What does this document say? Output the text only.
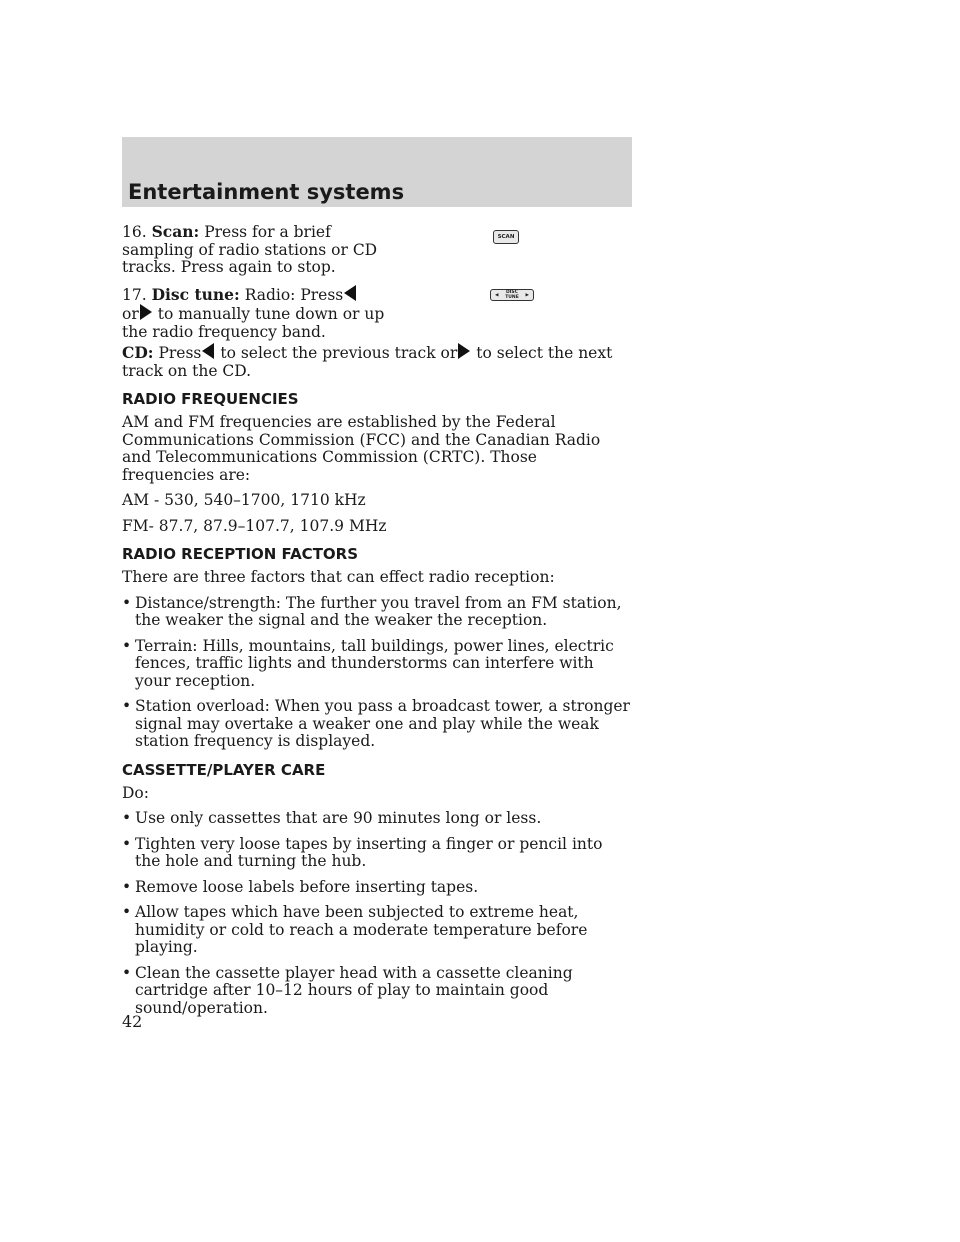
Entertainment systems
SCAN
◀ DISC
TUNE ▶

16. Scan: Press for a brief sampling of radio stations or CD tracks. Press again to stop.

17. Disc tune: Radio: Press
or to manually tune down or up the radio frequency band.

CD: Press to select the previous track or to select the next track on the CD.

RADIO FREQUENCIES

AM and FM frequencies are established by the Federal Communications Commission (FCC) and the Canadian Radio and Telecommunications Commission (CRTC). Those frequencies are:

AM - 530, 540–1700, 1710 kHz

FM- 87.7, 87.9–107.7, 107.9 MHz

RADIO RECEPTION FACTORS

There are three factors that can effect radio reception:

• Distance/strength: The further you travel from an FM station, the weaker the signal and the weaker the reception.
• Terrain: Hills, mountains, tall buildings, power lines, electric fences, traffic lights and thunderstorms can interfere with your reception.
• Station overload: When you pass a broadcast tower, a stronger signal may overtake a weaker one and play while the weak station frequency is displayed.
CASSETTE/PLAYER CARE

Do:

• Use only cassettes that are 90 minutes long or less.
• Tighten very loose tapes by inserting a finger or pencil into the hole and turning the hub.
• Remove loose labels before inserting tapes.
• Allow tapes which have been subjected to extreme heat, humidity or cold to reach a moderate temperature before playing.
• Clean the cassette player head with a cassette cleaning cartridge after 10–12 hours of play to maintain good sound/operation.
42
